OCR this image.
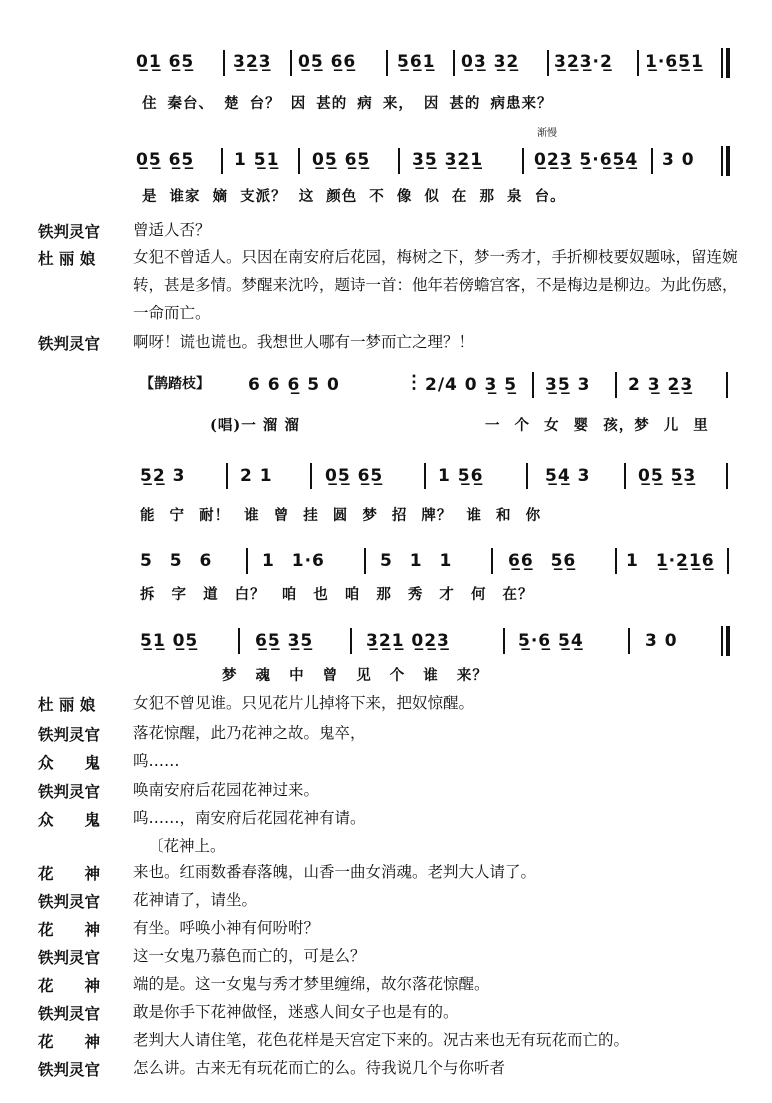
0̲1̲ 6̲5̲ 3̲2̲3̲ 0̲5̲ 6̲6̲ 5̲6̲1̲ 0̲3̲ 3̲2̲ 3̲2̲3̲·2̲ 1̲·6̲5̲1̲
住 秦台、 楚 台？ 因 甚的 病 来， 因 甚的 病患来？
渐慢
0̲5̲ 6̲5̲ 1 5̲1̲ 0̲5̲ 6̲5̲ 3̲5̲ 3̲2̲1̲	0̲2̲3̲ 5̲·6̲5̲4̲ 3 0
是 谁家 嫡 支派？ 这 颜色 不 像 似 在 那 泉 台。
铁判灵官 曾适人否？
杜 丽 娘 女犯不曾适人。只因在南安府后花园，梅树之下，梦一秀才，手折柳枝要奴题咏，留连婉转，甚是多情。梦醒来沈吟，题诗一首：他年若傍蟾宫客，不是梅边是柳边。为此伤感，一命而亡。
铁判灵官 啊呀！谎也谎也。我想世人哪有一梦而亡之理？！
【鹊踏枝】 6 6 6̲ 5 0	⋮ 2/4 0 3̲ 5̲ 3̲5̲ 3 2 3̲ 2̲3̲
(唱)一 溜 溜	一 个 女 婴 孩，梦 儿 里
5̲2̲ 3	2 1	0̲5̲ 6̲5̲	1 5̲6̲	5̲4̲ 3	0̲5̲ 5̲3̲
能 宁 耐！ 谁 曾 挂 圆 梦 招 牌？ 谁 和 你
5 5 6	1 1·6	5 1 1	6̲6̲ 5̲6̲	1 1̲·2̲1̲6̲
拆 字 道 白？ 咱 也 咱 那 秀 才 何 在？
5̲1̲ 0̲5̲	6̲5̲ 3̲5̲	3̲2̲1̲ 0̲2̲3̲	5̲·6̲ 5̲4̲	3 0
梦 魂 中 曾 见 个 谁 来？
杜 丽 娘 女犯不曾见谁。只见花片儿掉将下来，把奴惊醒。
铁判灵官 落花惊醒，此乃花神之故。鬼卒，
众　　鬼 呜……
铁判灵官 唤南安府后花园花神过来。
众　　鬼 呜……，南安府后花园花神有请。
〔花神上。
花　　神 来也。红雨数番春落魄，山香一曲女消魂。老判大人请了。
铁判灵官 花神请了，请坐。
花　　神 有坐。呼唤小神有何吩咐？
铁判灵官 这一女鬼乃慕色而亡的，可是么？
花　　神 端的是。这一女鬼与秀才梦里缠绵，故尔落花惊醒。
铁判灵官 敢是你手下花神做怪，迷惑人间女子也是有的。
花　　神 老判大人请住笔，花色花样是天宫定下来的。况古来也无有玩花而亡的。
铁判灵官 怎么讲。古来无有玩花而亡的么。待我说几个与你听者
